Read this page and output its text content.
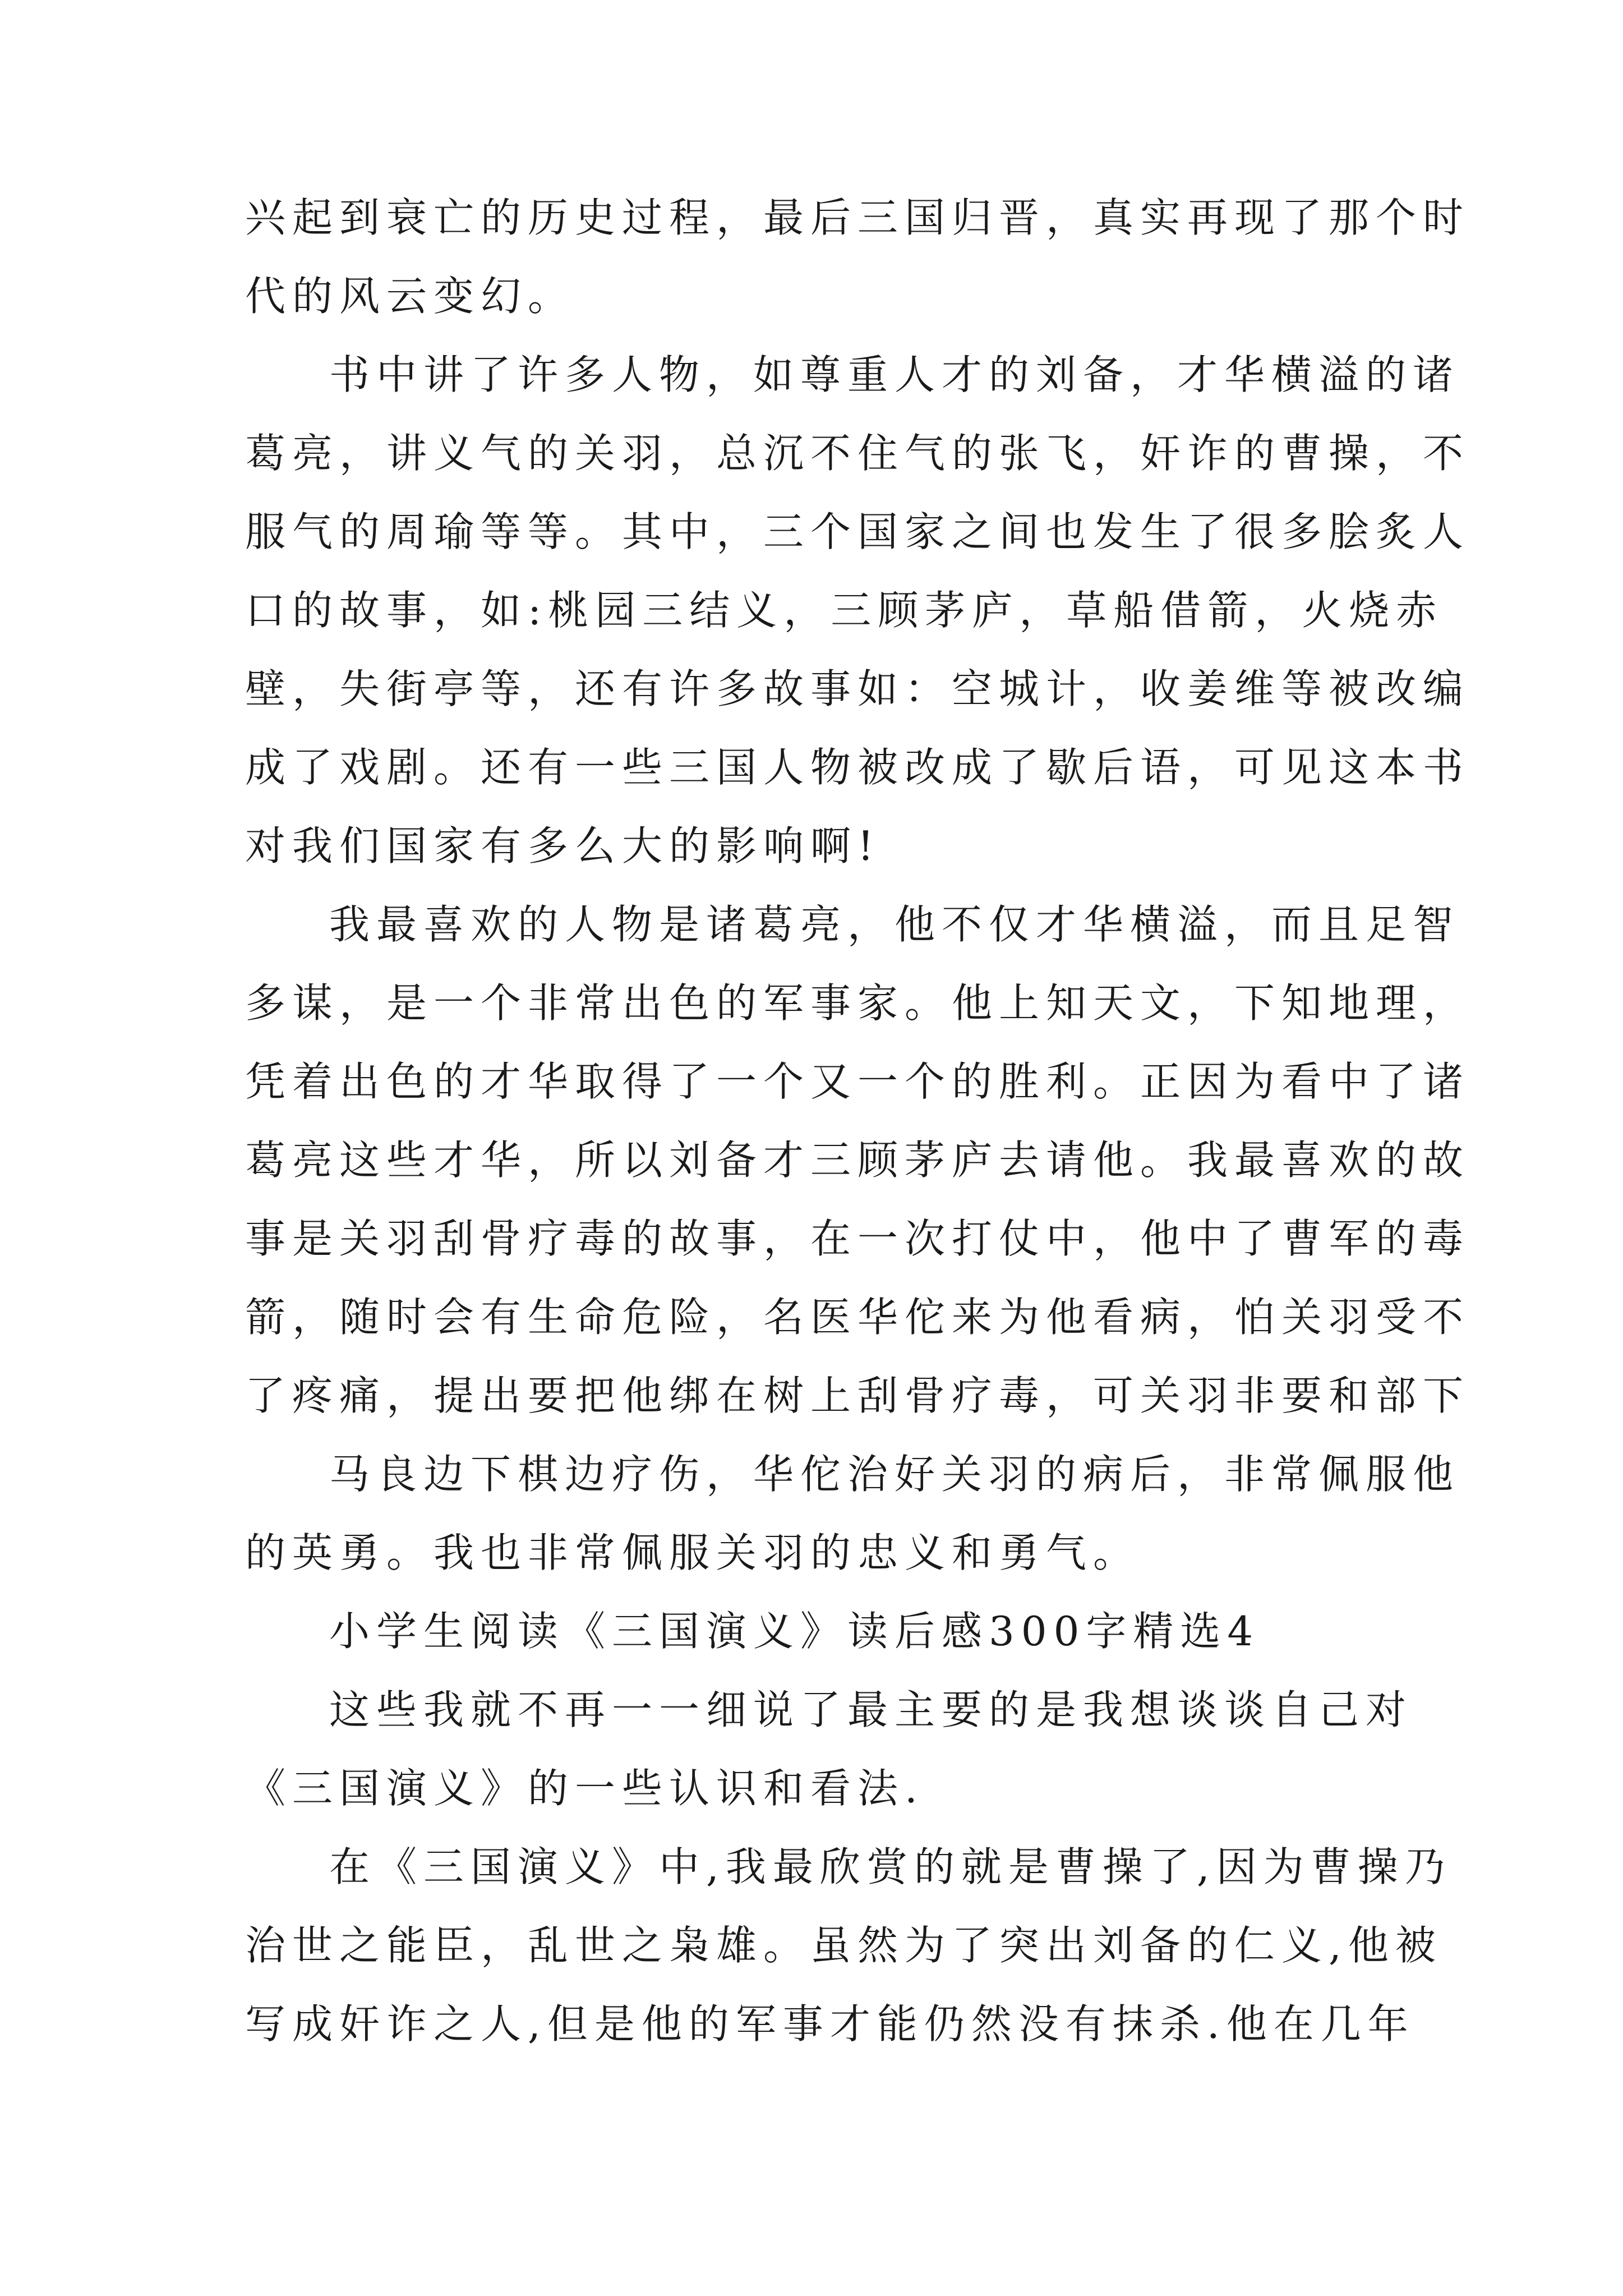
兴起到衰亡的历史过程，最后三国归晋，真实再现了那个时
代的风云变幻。
书中讲了许多人物，如尊重人才的刘备，才华横溢的诸
葛亮，讲义气的关羽，总沉不住气的张飞，奸诈的曹操，不
服气的周瑜等等。其中，三个国家之间也发生了很多脍炙人
口的故事，如:桃园三结义，三顾茅庐，草船借箭，火烧赤
壁，失街亭等，还有许多故事如：空城计，收姜维等被改编
成了戏剧。还有一些三国人物被改成了歇后语，可见这本书
对我们国家有多么大的影响啊!
我最喜欢的人物是诸葛亮，他不仅才华横溢，而且足智
多谋，是一个非常出色的军事家。他上知天文，下知地理，
凭着出色的才华取得了一个又一个的胜利。正因为看中了诸
葛亮这些才华，所以刘备才三顾茅庐去请他。我最喜欢的故
事是关羽刮骨疗毒的故事，在一次打仗中，他中了曹军的毒
箭，随时会有生命危险，名医华佗来为他看病，怕关羽受不
了疼痛，提出要把他绑在树上刮骨疗毒，可关羽非要和部下
马良边下棋边疗伤，华佗治好关羽的病后，非常佩服他
的英勇。我也非常佩服关羽的忠义和勇气。
小学生阅读《三国演义》读后感300字精选4
这些我就不再一一细说了最主要的是我想谈谈自己对
《三国演义》的一些认识和看法.
在《三国演义》中,我最欣赏的就是曹操了,因为曹操乃
治世之能臣，乱世之枭雄。虽然为了突出刘备的仁义,他被
写成奸诈之人,但是他的军事才能仍然没有抹杀.他在几年
